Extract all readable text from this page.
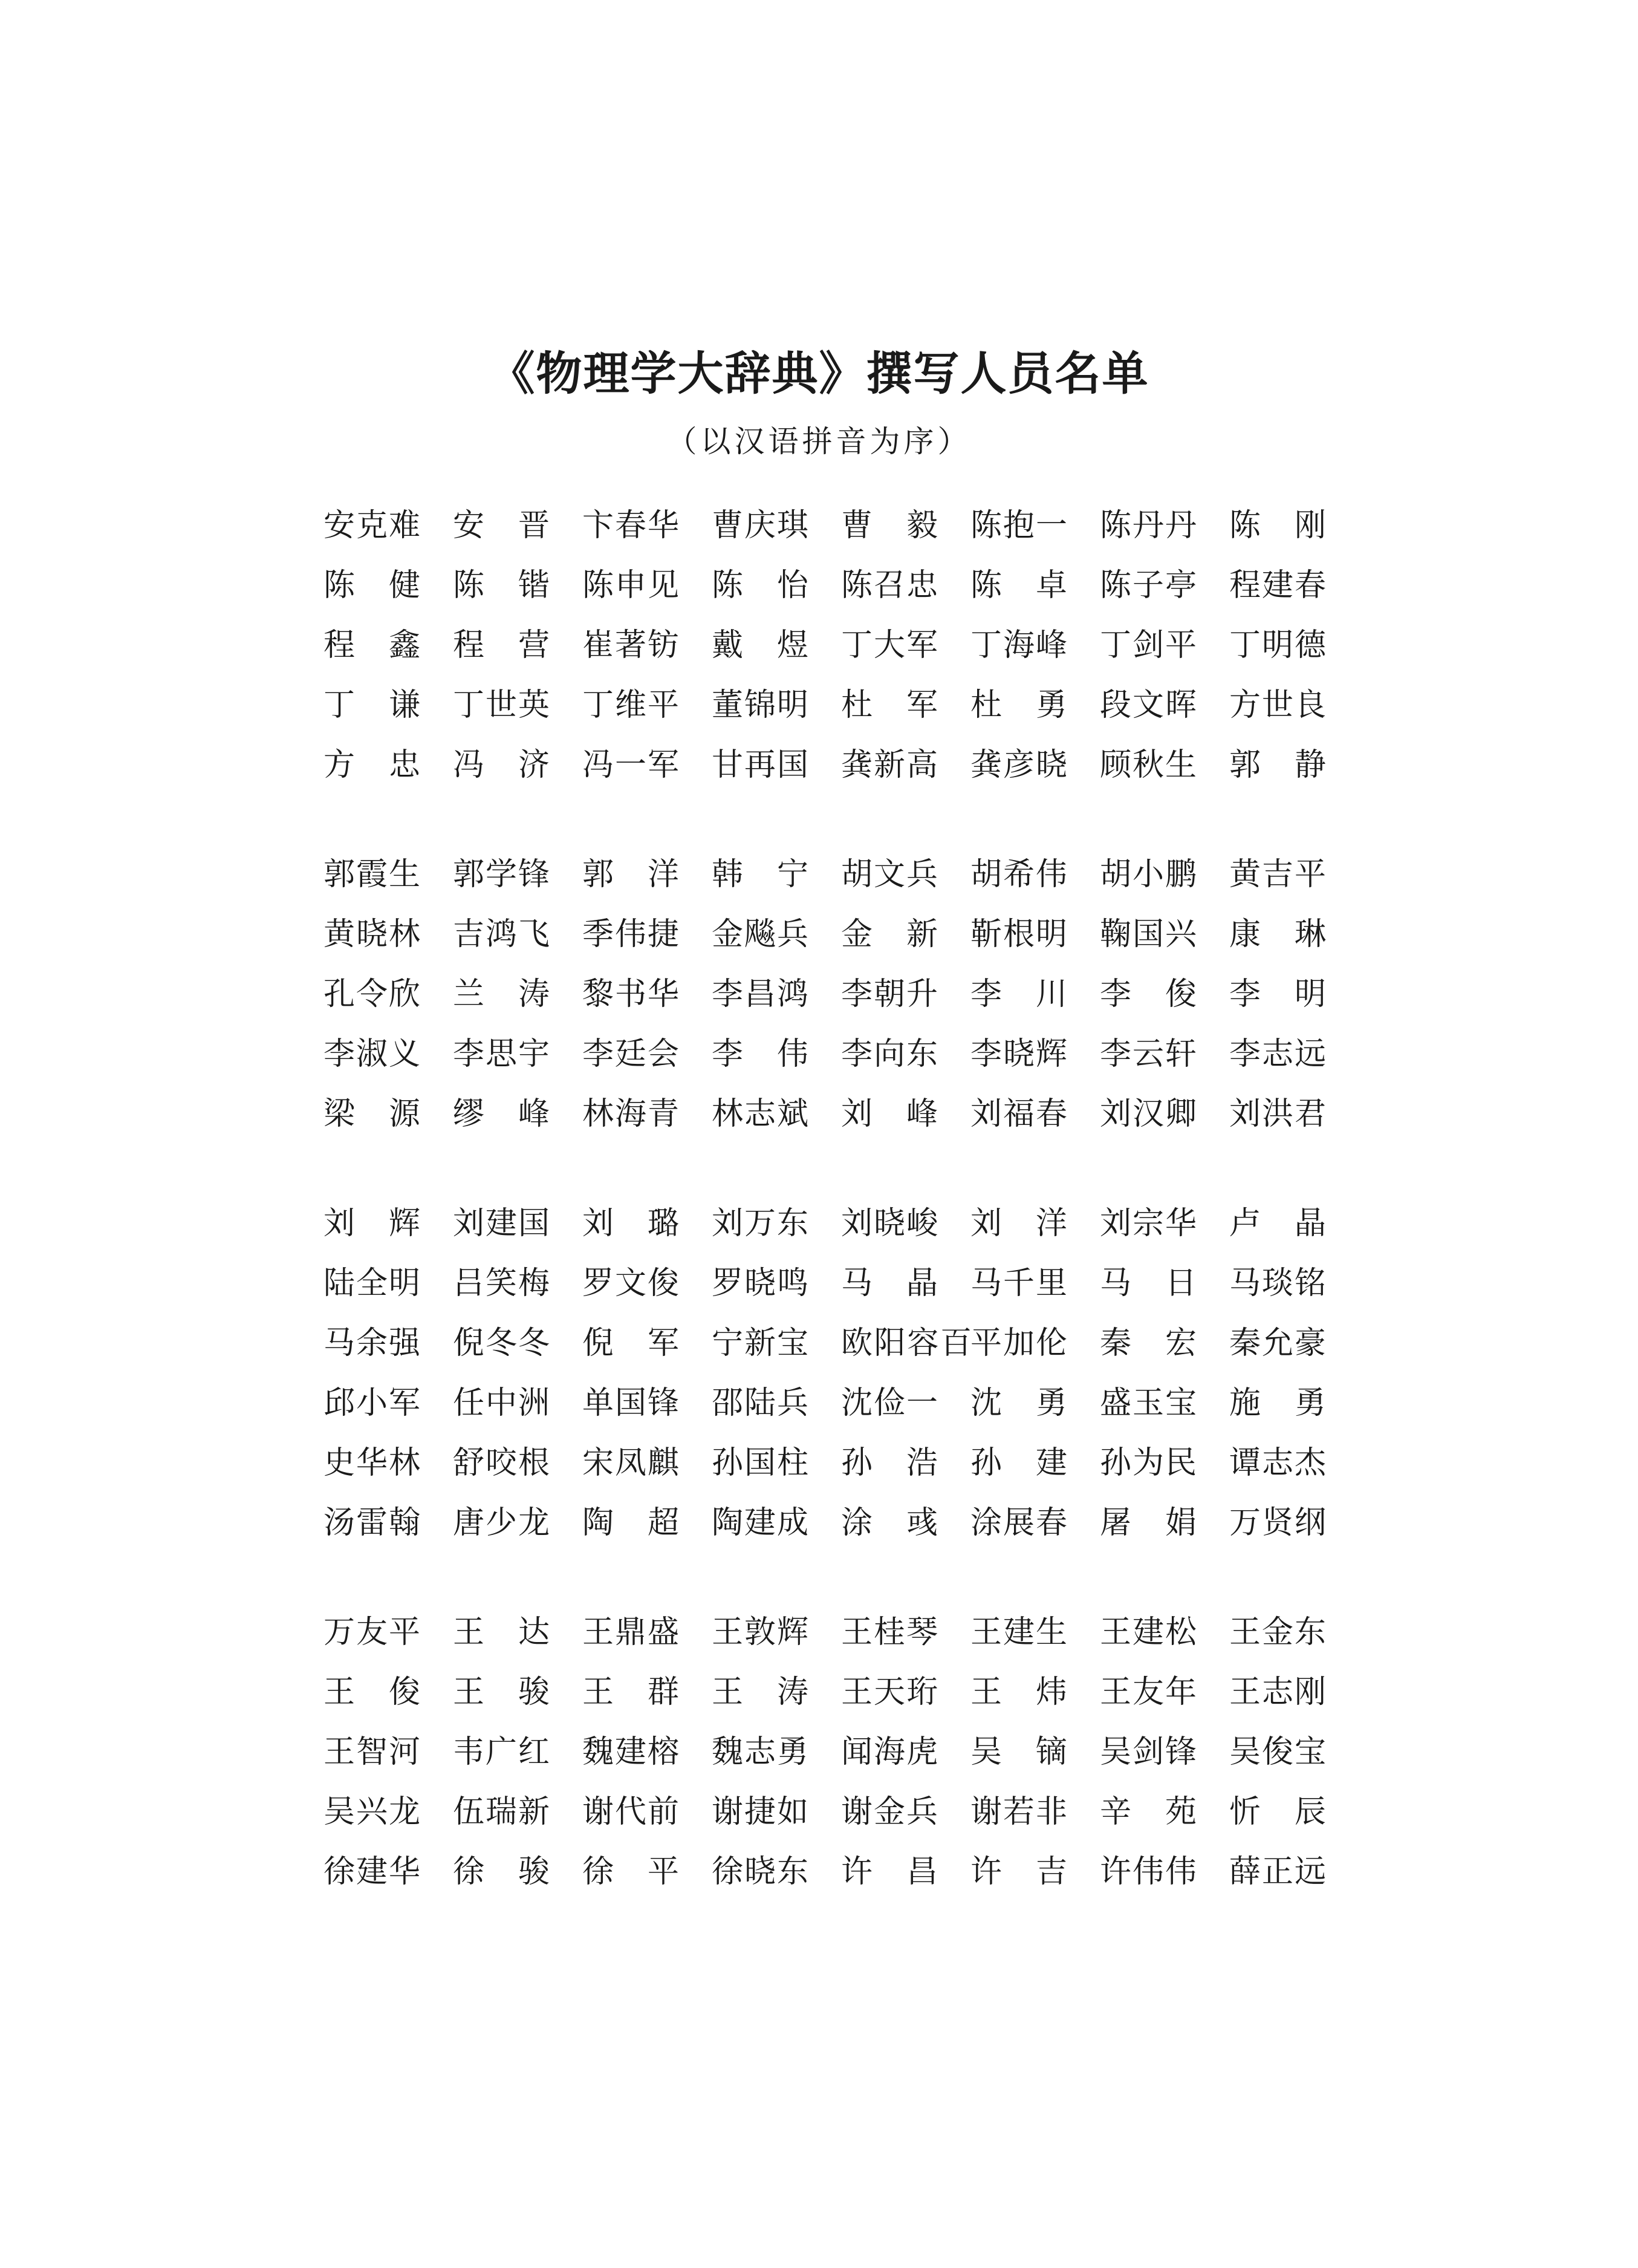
《物理学大辞典》撰写人员名单
（以汉语拼音为序）
安克难 安　晋 卞春华 曹庆琪 曹　毅 陈抱一 陈丹丹 陈　刚
陈　健 陈　锴 陈申见 陈　怡 陈召忠 陈　卓 陈子亭 程建春
程　鑫 程　营 崔著钫 戴　煜 丁大军 丁海峰 丁剑平 丁明德
丁　谦 丁世英 丁维平 董锦明 杜　军 杜　勇 段文晖 方世良
方　忠 冯　济 冯一军 甘再国 龚新高 龚彦晓 顾秋生 郭　静
郭霞生 郭学锋 郭　洋 韩　宁 胡文兵 胡希伟 胡小鹏 黄吉平
黄晓林 吉鸿飞 季伟捷 金飚兵 金　新 靳根明 鞠国兴 康　琳
孔令欣 兰　涛 黎书华 李昌鸿 李朝升 李　川 李　俊 李　明
李淑义 李思宇 李廷会 李　伟 李向东 李晓辉 李云轩 李志远
梁　源 缪　峰 林海青 林志斌 刘　峰 刘福春 刘汉卿 刘洪君
刘　辉 刘建国 刘　璐 刘万东 刘晓峻 刘　洋 刘宗华 卢　晶
陆全明 吕笑梅 罗文俊 罗晓鸣 马　晶 马千里 马　日 马琰铭
马余强 倪冬冬 倪　军 宁新宝 欧阳容百 平加伦 秦　宏 秦允豪
邱小军 任中洲 单国锋 邵陆兵 沈俭一 沈　勇 盛玉宝 施　勇
史华林 舒咬根 宋凤麒 孙国柱 孙　浩 孙　建 孙为民 谭志杰
汤雷翰 唐少龙 陶　超 陶建成 涂　彧 涂展春 屠　娟 万贤纲
万友平 王　达 王鼎盛 王敦辉 王桂琴 王建生 王建松 王金东
王　俊 王　骏 王　群 王　涛 王天珩 王　炜 王友年 王志刚
王智河 韦广红 魏建榕 魏志勇 闻海虎 吴　镝 吴剑锋 吴俊宝
吴兴龙 伍瑞新 谢代前 谢捷如 谢金兵 谢若非 辛　苑 忻　辰
徐建华 徐　骏 徐　平 徐晓东 许　昌 许　吉 许伟伟 薛正远
